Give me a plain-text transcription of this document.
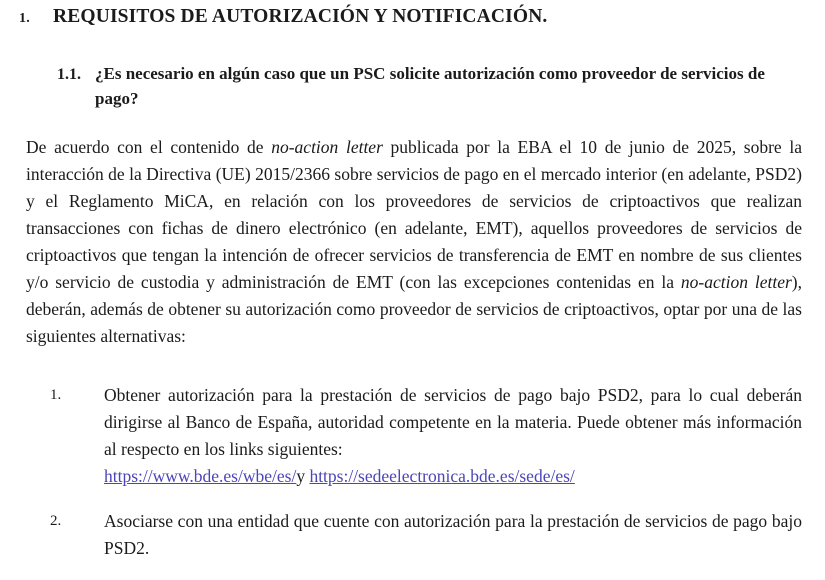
1.	REQUISITOS DE AUTORIZACIÓN Y NOTIFICACIÓN.
1.1. ¿Es necesario en algún caso que un PSC solicite autorización como proveedor de servicios de pago?
De acuerdo con el contenido de no-action letter publicada por la EBA el 10 de junio de 2025, sobre la interacción de la Directiva (UE) 2015/2366 sobre servicios de pago en el mercado interior (en adelante, PSD2) y el Reglamento MiCA, en relación con los proveedores de servicios de criptoactivos que realizan transacciones con fichas de dinero electrónico (en adelante, EMT), aquellos proveedores de servicios de criptoactivos que tengan la intención de ofrecer servicios de transferencia de EMT en nombre de sus clientes y/o servicio de custodia y administración de EMT (con las excepciones contenidas en la no-action letter), deberán, además de obtener su autorización como proveedor de servicios de criptoactivos, optar por una de las siguientes alternativas:
1.	Obtener autorización para la prestación de servicios de pago bajo PSD2, para lo cual deberán dirigirse al Banco de España, autoridad competente en la materia. Puede obtener más información al respecto en los links siguientes:
https://www.bde.es/wbe/es/y https://sedeelectronica.bde.es/sede/es/
2.	Asociarse con una entidad que cuente con autorización para la prestación de servicios de pago bajo PSD2.
